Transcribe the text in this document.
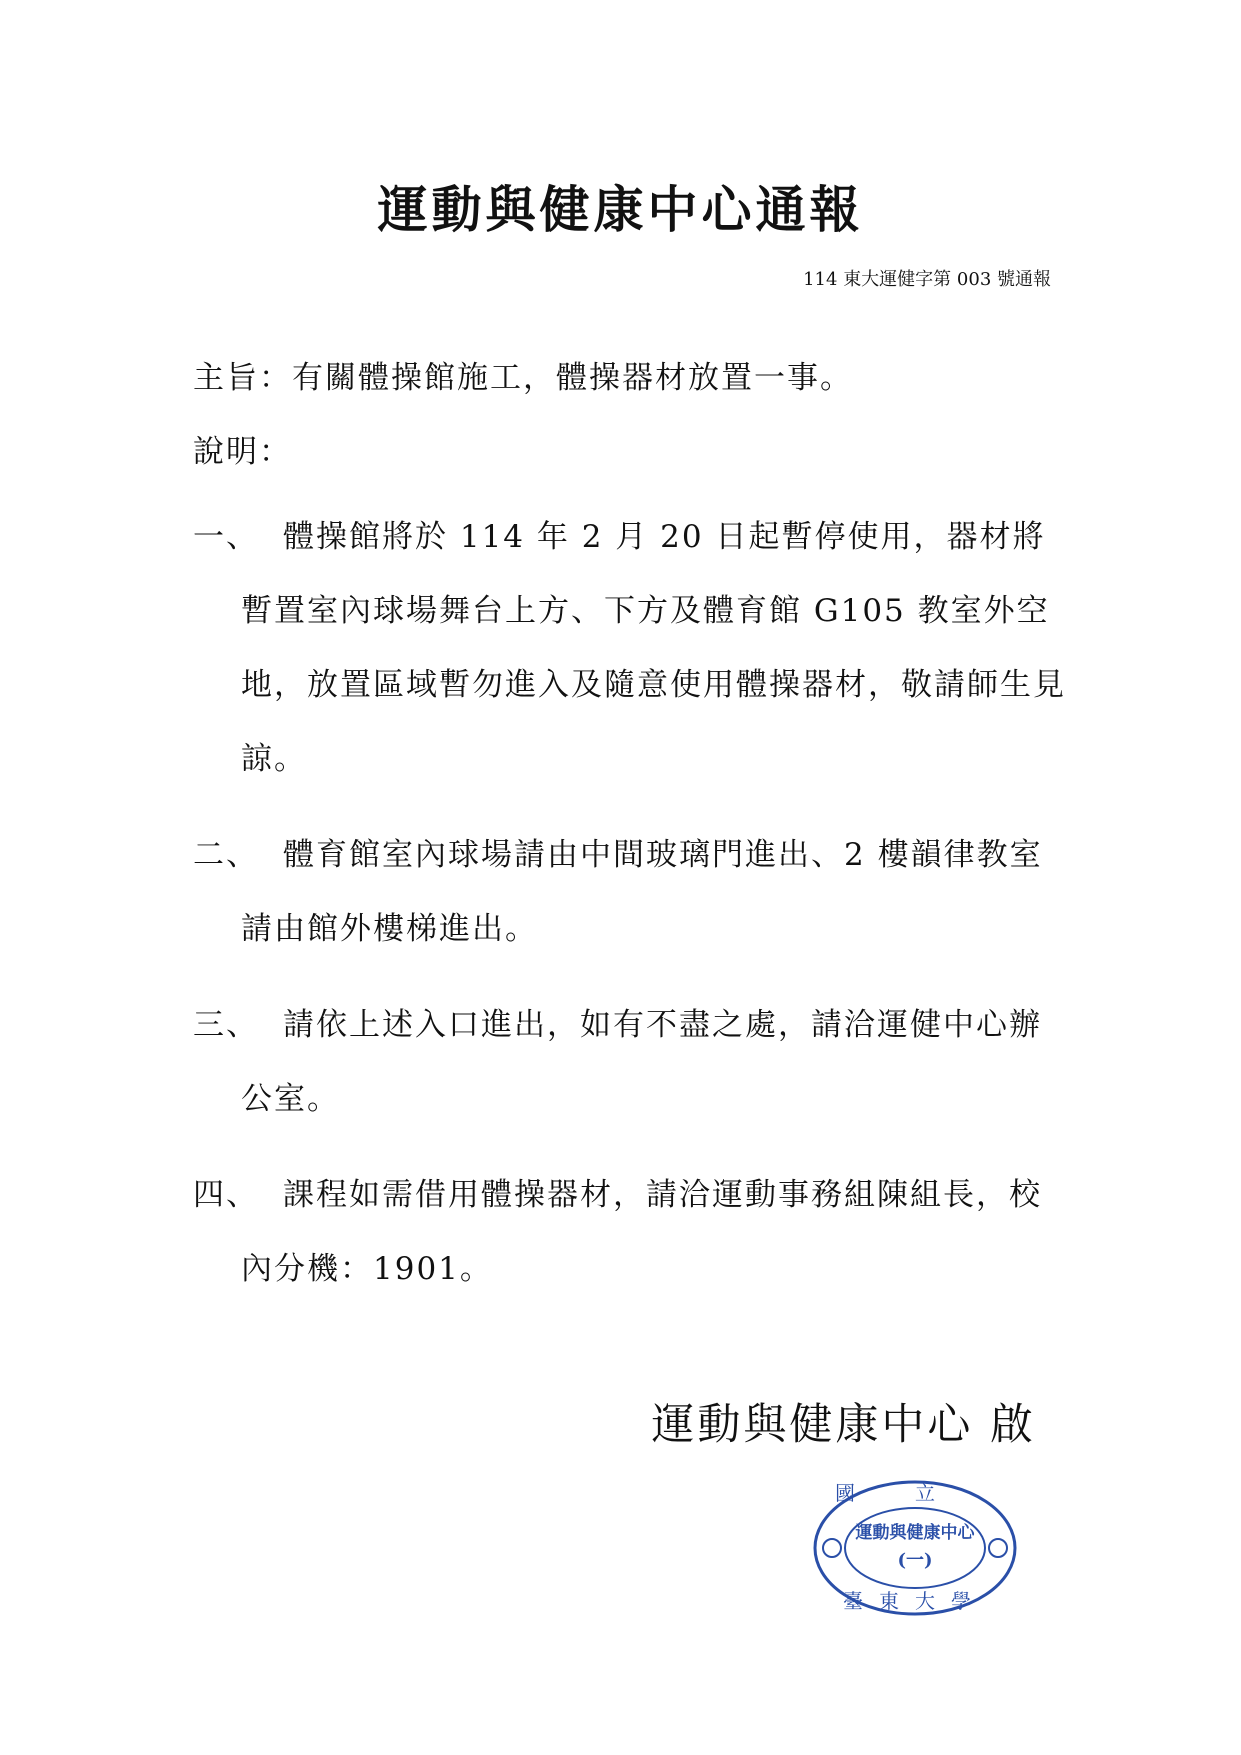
運動與健康中心通報
114 東大運健字第 003 號通報
主旨：有關體操館施工，體操器材放置一事。
說明：
一、 體操館將於 114 年 2 月 20 日起暫停使用，器材將暫置室內球場舞台上方、下方及體育館 G105 教室外空地，放置區域暫勿進入及隨意使用體操器材，敬請師生見諒。
二、 體育館室內球場請由中間玻璃門進出、2 樓韻律教室請由館外樓梯進出。
三、 請依上述入口進出，如有不盡之處，請洽運健中心辦公室。
四、 課程如需借用體操器材，請洽運動事務組陳組長，校內分機：1901。
運動與健康中心 啟
運動與健康中心
(一)
國立
臺東大學
